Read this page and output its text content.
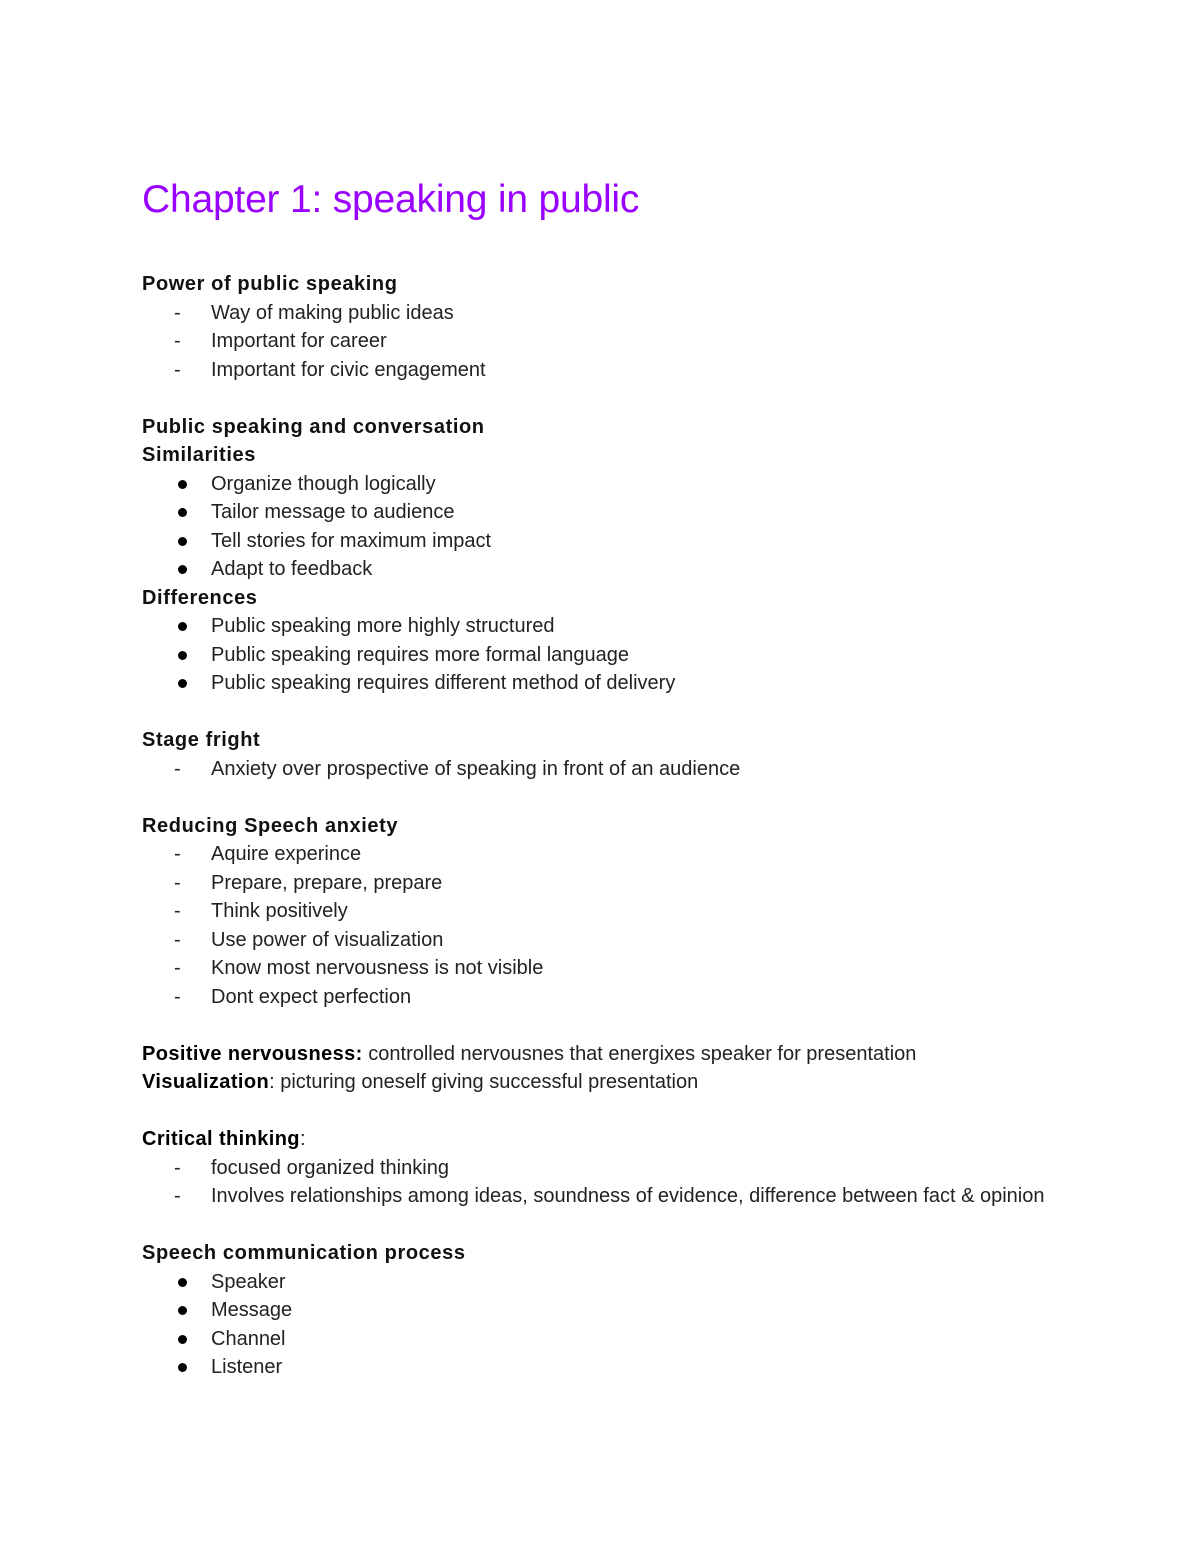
Chapter 1: speaking in public
Power of public speaking
-	Way of making public ideas
-	Important for career
-	Important for civic engagement
Public speaking and conversation
Similarities
Organize though logically
Tailor message to audience
Tell stories for maximum impact
Adapt to feedback
Differences
Public speaking more highly structured
Public speaking requires more formal language
Public speaking requires different method of delivery
Stage fright
-	Anxiety over prospective of speaking in front of an audience
Reducing Speech anxiety
-	Aquire experince
-	Prepare, prepare, prepare
-	Think positively
-	Use power of visualization
-	Know most nervousness is not visible
-	Dont expect perfection
Positive nervousness: controlled nervousnes that energixes speaker for presentation
Visualization: picturing oneself giving successful presentation
Critical thinking:
-	focused organized thinking
-	Involves relationships among ideas, soundness of evidence, difference between fact & opinion
Speech communication process
Speaker
Message
Channel
Listener
